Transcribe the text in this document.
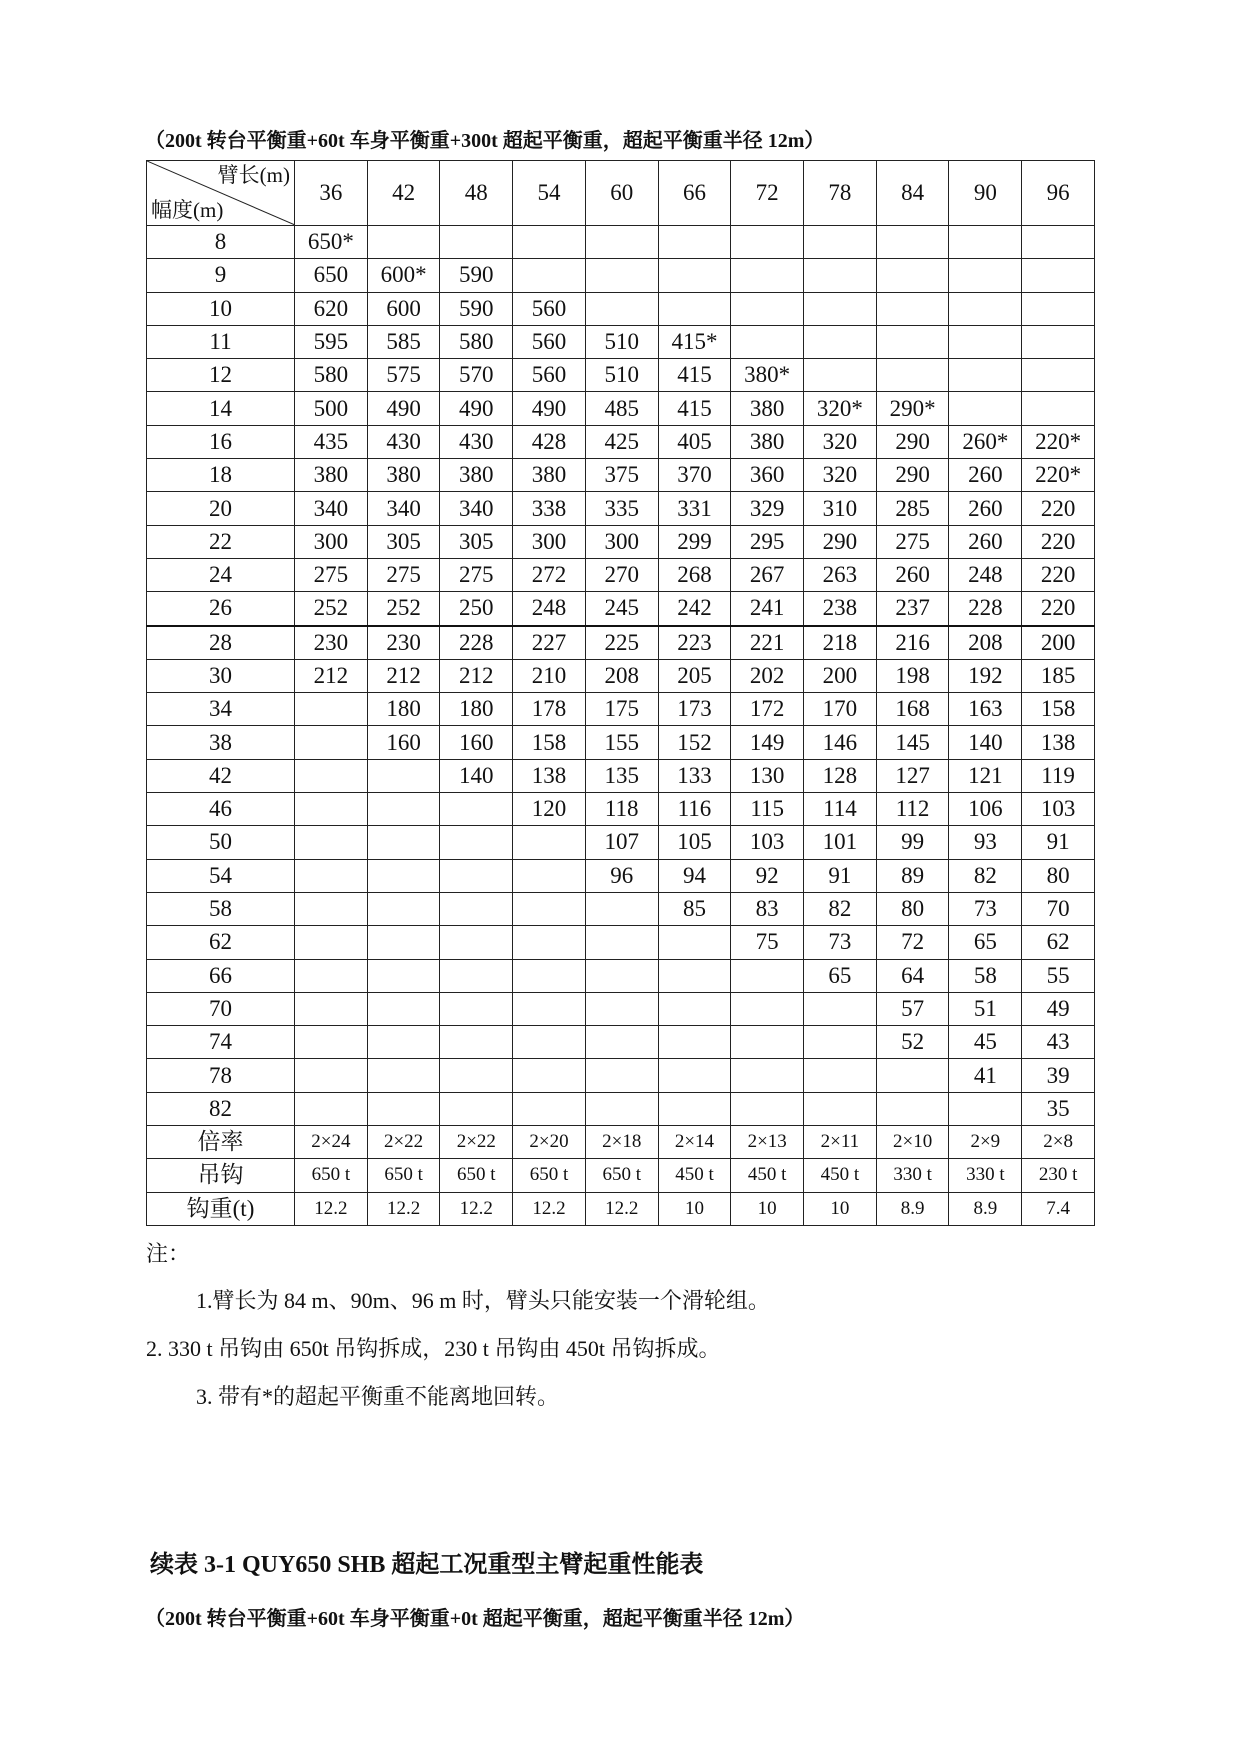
（200t 转台平衡重+60t 车身平衡重+300t 超起平衡重，超起平衡重半径 12m）
臂长(m)
幅度(m)	36	42	48	54	60	66	72	78	84	90	96
8	650*										
9	650	600*	590								
10	620	600	590	560							
11	595	585	580	560	510	415*					
12	580	575	570	560	510	415	380*				
14	500	490	490	490	485	415	380	320*	290*		
16	435	430	430	428	425	405	380	320	290	260*	220*
18	380	380	380	380	375	370	360	320	290	260	220*
20	340	340	340	338	335	331	329	310	285	260	220
22	300	305	305	300	300	299	295	290	275	260	220
24	275	275	275	272	270	268	267	263	260	248	220
26	252	252	250	248	245	242	241	238	237	228	220
28	230	230	228	227	225	223	221	218	216	208	200
30	212	212	212	210	208	205	202	200	198	192	185
34		180	180	178	175	173	172	170	168	163	158
38		160	160	158	155	152	149	146	145	140	138
42			140	138	135	133	130	128	127	121	119
46				120	118	116	115	114	112	106	103
50					107	105	103	101	99	93	91
54					96	94	92	91	89	82	80
58						85	83	82	80	73	70
62							75	73	72	65	62
66								65	64	58	55
70									57	51	49
74									52	45	43
78										41	39
82											35
倍率	2×24	2×22	2×22	2×20	2×18	2×14	2×13	2×11	2×10	2×9	2×8
吊钩	650 t	650 t	650 t	650 t	650 t	450 t	450 t	450 t	330 t	330 t	230 t
钩重(t)	12.2	12.2	12.2	12.2	12.2	10	10	10	8.9	8.9	7.4
注：
1.臂长为 84 m、90m、96 m 时，臂头只能安装一个滑轮组。
2. 330 t 吊钩由 650t 吊钩拆成，230 t 吊钩由 450t 吊钩拆成。
3. 带有*的超起平衡重不能离地回转。
续表 3-1 QUY650 SHB 超起工况重型主臂起重性能表
（200t 转台平衡重+60t 车身平衡重+0t 超起平衡重，超起平衡重半径 12m）
